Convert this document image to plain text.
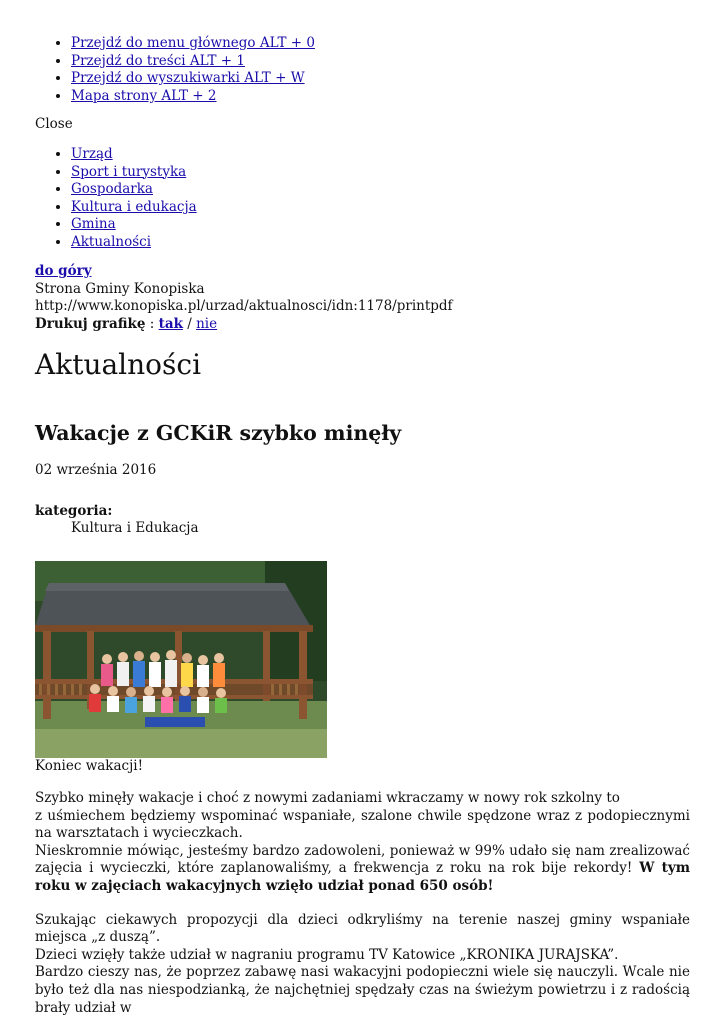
• Przejdź do menu głównego ALT + 0
• Przejdź do treści ALT + 1
• Przejdź do wyszukiwarki ALT + W
• Mapa strony ALT + 2
Close
• Urząd
• Sport i turystyka
• Gospodarka
• Kultura i edukacja
• Gmina
• Aktualności
do góry
Strona Gminy Konopiska
http://www.konopiska.pl/urzad/aktualnosci/idn:1178/printpdf
Drukuj grafikę : tak / nie
Aktualności
Wakacje z GCKiR szybko minęły
02 września 2016
kategoria:
Kultura i Edukacja
Koniec wakacji!

Szybko minęły wakacje i choć z nowymi zadaniami wkraczamy w nowy rok szkolny to
z uśmiechem będziemy wspominać wspaniałe, szalone chwile spędzone wraz z podopiecznymi na warsztatach i wycieczkach.
Nieskromnie mówiąc, jesteśmy bardzo zadowoleni, ponieważ w 99% udało się nam zrealizować zajęcia i wycieczki, które zaplanowaliśmy, a frekwencja z roku na rok bije rekordy! W tym roku w zajęciach wakacyjnych wzięło udział ponad 650 osób!

Szukając ciekawych propozycji dla dzieci odkryliśmy na terenie naszej gminy wspaniałe miejsca „z duszą”.
Dzieci wzięły także udział w nagraniu programu TV Katowice „KRONIKA JURAJSKA”.
Bardzo cieszy nas, że poprzez zabawę nasi wakacyjni podopieczni wiele się nauczyli. Wcale nie było też dla nas niespodzianką, że najchętniej spędzały czas na świeżym powietrzu i z radością brały udział w
